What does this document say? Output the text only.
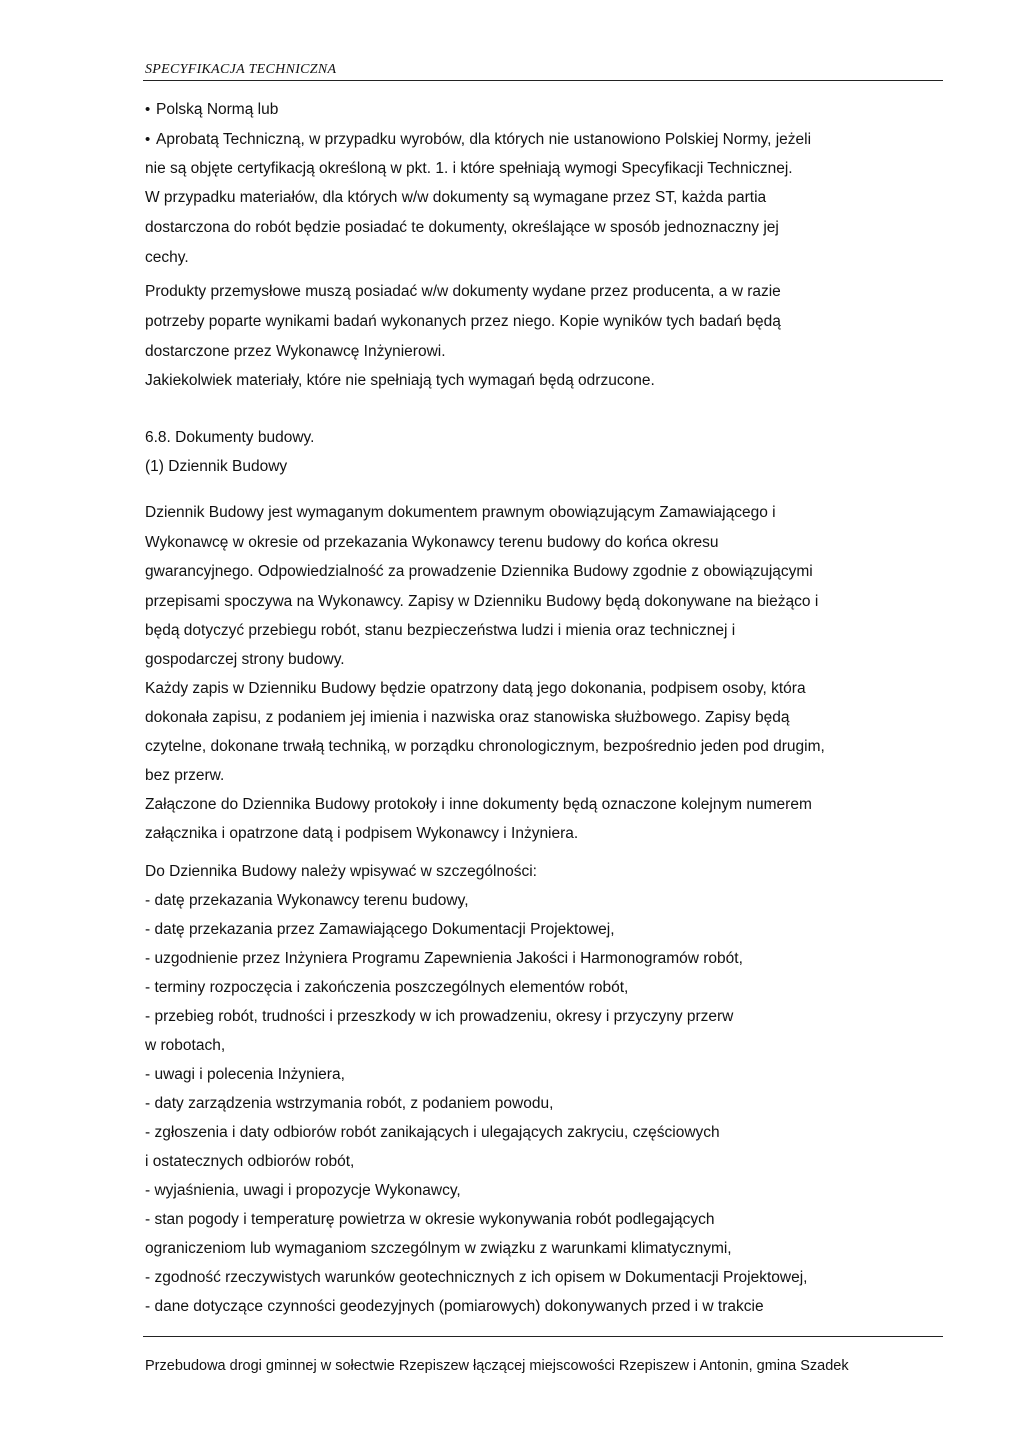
SPECYFIKACJA TECHNICZNA
• Polską Normą lub
• Aprobatą Techniczną, w przypadku wyrobów, dla których nie ustanowiono Polskiej Normy, jeżeli
nie są objęte certyfikacją określoną w pkt. 1. i które spełniają wymogi Specyfikacji Technicznej.
W przypadku materiałów, dla których w/w dokumenty są wymagane przez ST, każda partia
dostarczona do robót będzie posiadać te dokumenty, określające w sposób jednoznaczny jej
cechy.
Produkty przemysłowe muszą posiadać w/w dokumenty wydane przez producenta, a w razie
potrzeby poparte wynikami badań wykonanych przez niego. Kopie wyników tych badań będą
dostarczone przez Wykonawcę Inżynierowi.
Jakiekolwiek materiały, które nie spełniają tych wymagań będą odrzucone.
6.8. Dokumenty budowy.
(1) Dziennik Budowy
Dziennik Budowy jest wymaganym dokumentem prawnym obowiązującym Zamawiającego i
Wykonawcę w okresie od przekazania Wykonawcy terenu budowy do końca okresu
gwarancyjnego. Odpowiedzialność za prowadzenie Dziennika Budowy zgodnie z obowiązującymi
przepisami spoczywa na Wykonawcy. Zapisy w Dzienniku Budowy będą dokonywane na bieżąco i
będą dotyczyć przebiegu robót, stanu bezpieczeństwa ludzi i mienia oraz technicznej i
gospodarczej strony budowy.
Każdy zapis w Dzienniku Budowy będzie opatrzony datą jego dokonania, podpisem osoby, która
dokonała zapisu, z podaniem jej imienia i nazwiska oraz stanowiska służbowego. Zapisy będą
czytelne, dokonane trwałą techniką, w porządku chronologicznym, bezpośrednio jeden pod drugim,
bez przerw.
Załączone do Dziennika Budowy protokoły i inne dokumenty będą oznaczone kolejnym numerem
załącznika i opatrzone datą i podpisem Wykonawcy i Inżyniera.
Do Dziennika Budowy należy wpisywać w szczególności:
- datę przekazania Wykonawcy terenu budowy,
- datę przekazania przez Zamawiającego Dokumentacji Projektowej,
- uzgodnienie przez Inżyniera Programu Zapewnienia Jakości i Harmonogramów robót,
- terminy rozpoczęcia i zakończenia poszczególnych elementów robót,
- przebieg robót, trudności i przeszkody w ich prowadzeniu, okresy i przyczyny przerw
w robotach,
- uwagi i polecenia Inżyniera,
- daty zarządzenia wstrzymania robót, z podaniem powodu,
- zgłoszenia i daty odbiorów robót zanikających i ulegających zakryciu, częściowych
i ostatecznych odbiorów robót,
- wyjaśnienia, uwagi i propozycje Wykonawcy,
- stan pogody i temperaturę powietrza w okresie wykonywania robót podlegających
ograniczeniom lub wymaganiom szczególnym w związku z warunkami klimatycznymi,
- zgodność rzeczywistych warunków geotechnicznych z ich opisem w Dokumentacji Projektowej,
- dane dotyczące czynności geodezyjnych (pomiarowych) dokonywanych przed i w trakcie
Przebudowa drogi gminnej w sołectwie Rzepiszew łączącej miejscowości Rzepiszew i Antonin, gmina Szadek
